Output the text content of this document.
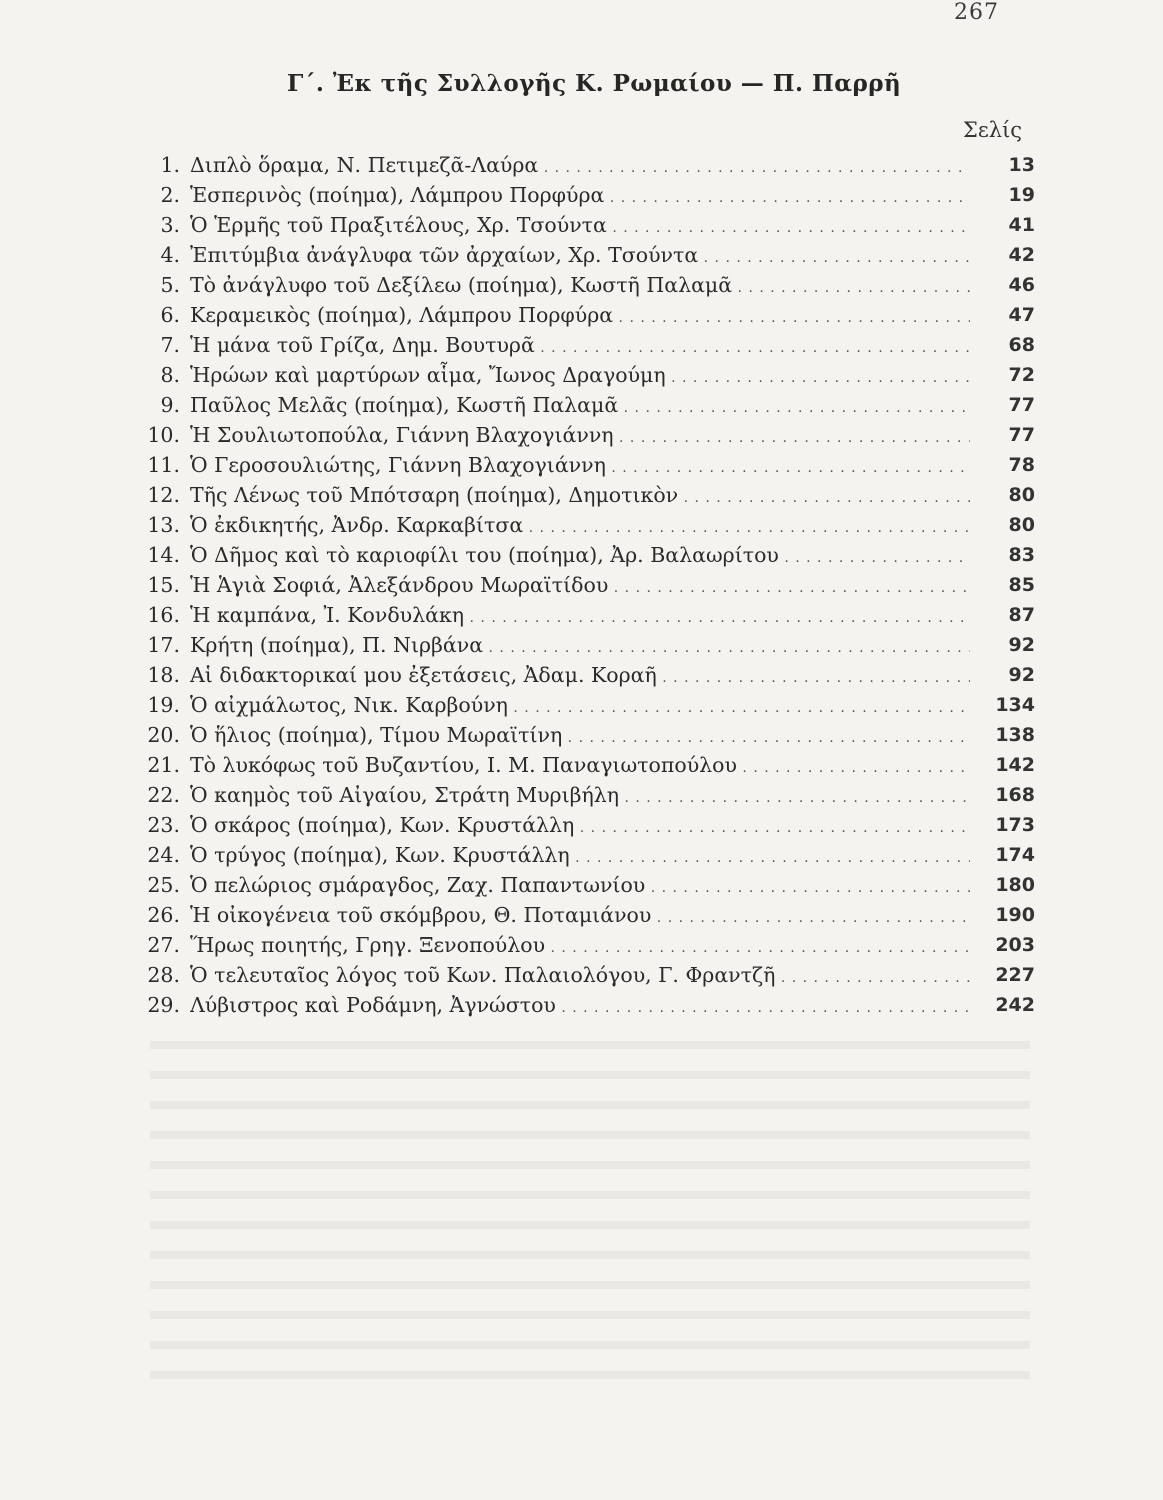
267
Γ΄. Ἐκ τῆς Συλλογῆς Κ. Ρωμαίου — Π. Παρρῆ
Σελίς
1. Διπλὸ ὅραμα, Ν. Πετιμεζᾶ-Λαύρα . . .	13
2. Ἑσπερινὸς (ποίημα), Λάμπρου Πορφύρα . . .	19
3. Ὁ Ἑρμῆς τοῦ Πραξιτέλους, Χρ. Τσούντα . . .	41
4. Ἐπιτύμβια ἀνάγλυφα τῶν ἀρχαίων, Χρ. Τσούντα . . .	42
5. Τὸ ἀνάγλυφο τοῦ Δεξίλεω (ποίημα), Κωστῆ Παλαμᾶ . . .	46
6. Κεραμεικὸς (ποίημα), Λάμπρου Πορφύρα . . .	47
7. Ἡ μάνα τοῦ Γρίζα, Δημ. Βουτυρᾶ . . .	68
8. Ἡρώων καὶ μαρτύρων αἷμα, Ἴωνος Δραγούμη . . .	72
9. Παῦλος Μελᾶς (ποίημα), Κωστῆ Παλαμᾶ . . .	77
10. Ἡ Σουλιωτοπούλα, Γιάννη Βλαχογιάννη . . .	77
11. Ὁ Γεροσουλιώτης, Γιάννη Βλαχογιάννη . . .	78
12. Τῆς Λένως τοῦ Μπότσαρη (ποίημα), Δημοτικὸν . . .	80
13. Ὁ ἐκδικητής, Ἀνδρ. Καρκαβίτσα . . .	80
14. Ὁ Δῆμος καὶ τὸ καριοφίλι του (ποίημα), Ἀρ. Βαλαωρίτου . . .	83
15. Ἡ Ἁγιὰ Σοφιά, Ἀλεξάνδρου Μωραϊτίδου . . .	85
16. Ἡ καμπάνα, Ἰ. Κονδυλάκη . . .	87
17. Κρήτη (ποίημα), Π. Νιρβάνα . . .	92
18. Αἱ διδακτορικαί μου ἐξετάσεις, Ἀδαμ. Κοραῆ . . .	92
19. Ὁ αἰχμάλωτος, Νικ. Καρβούνη . . .	134
20. Ὁ ἥλιος (ποίημα), Τίμου Μωραϊτίνη . . .	138
21. Τὸ λυκόφως τοῦ Βυζαντίου, Ι. Μ. Παναγιωτοπούλου . . .	142
22. Ὁ καημὸς τοῦ Αἰγαίου, Στράτη Μυριβήλη . . .	168
23. Ὁ σκάρος (ποίημα), Κων. Κρυστάλλη . . .	173
24. Ὁ τρύγος (ποίημα), Κων. Κρυστάλλη . . .	174
25. Ὁ πελώριος σμάραγδος, Ζαχ. Παπαντωνίου . . .	180
26. Ἡ οἰκογένεια τοῦ σκόμβρου, Θ. Ποταμιάνου . . .	190
27. Ἥρως ποιητής, Γρηγ. Ξενοπούλου . . .	203
28. Ὁ τελευταῖος λόγος τοῦ Κων. Παλαιολόγου, Γ. Φραντζῆ . . .	227
29. Λύβιστρος καὶ Ροδάμνη, Ἀγνώστου . . .	242
